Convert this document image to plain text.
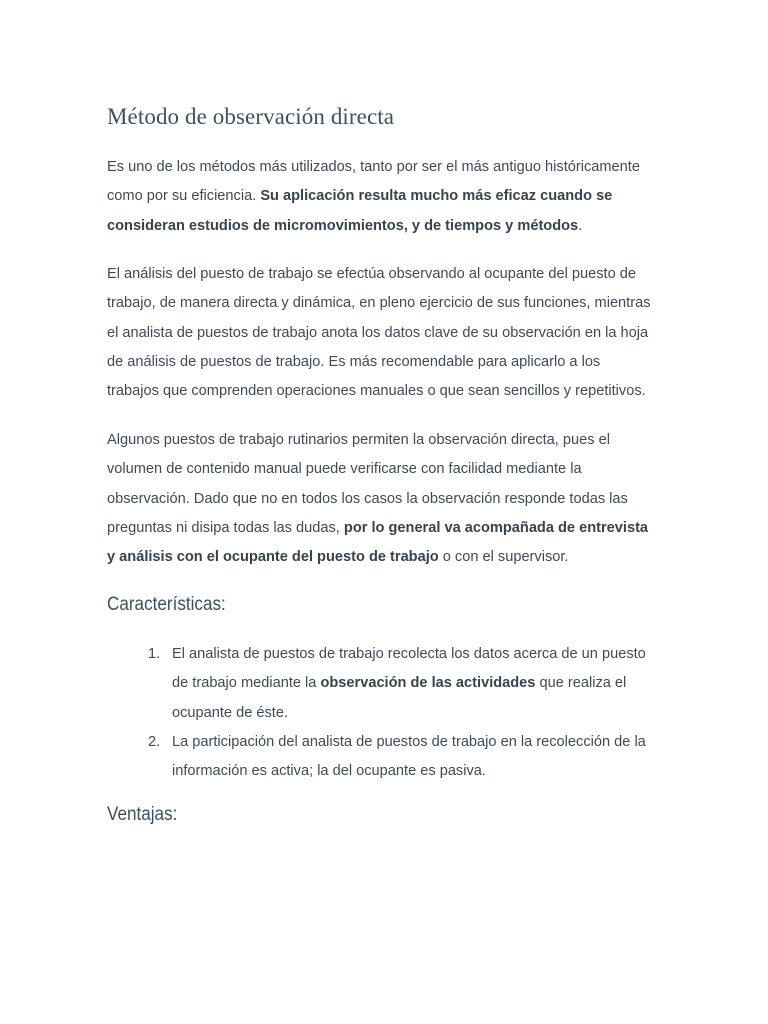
Método de observación directa

Es uno de los métodos más utilizados, tanto por ser el más antiguo históricamente
como por su eficiencia. Su aplicación resulta mucho más eficaz cuando se
consideran estudios de micromovimientos, y de tiempos y métodos.

El análisis del puesto de trabajo se efectúa observando al ocupante del puesto de
trabajo, de manera directa y dinámica, en pleno ejercicio de sus funciones, mientras
el analista de puestos de trabajo anota los datos clave de su observación en la hoja
de análisis de puestos de trabajo. Es más recomendable para aplicarlo a los
trabajos que comprenden operaciones manuales o que sean sencillos y repetitivos.

Algunos puestos de trabajo rutinarios permiten la observación directa, pues el
volumen de contenido manual puede verificarse con facilidad mediante la
observación. Dado que no en todos los casos la observación responde todas las
preguntas ni disipa todas las dudas, por lo general va acompañada de entrevista
y análisis con el ocupante del puesto de trabajo o con el supervisor.

Características:
1. El analista de puestos de trabajo recolecta los datos acerca de un puesto
de trabajo mediante la observación de las actividades que realiza el
ocupante de éste.
2. La participación del analista de puestos de trabajo en la recolección de la
información es activa; la del ocupante es pasiva.
Ventajas:
